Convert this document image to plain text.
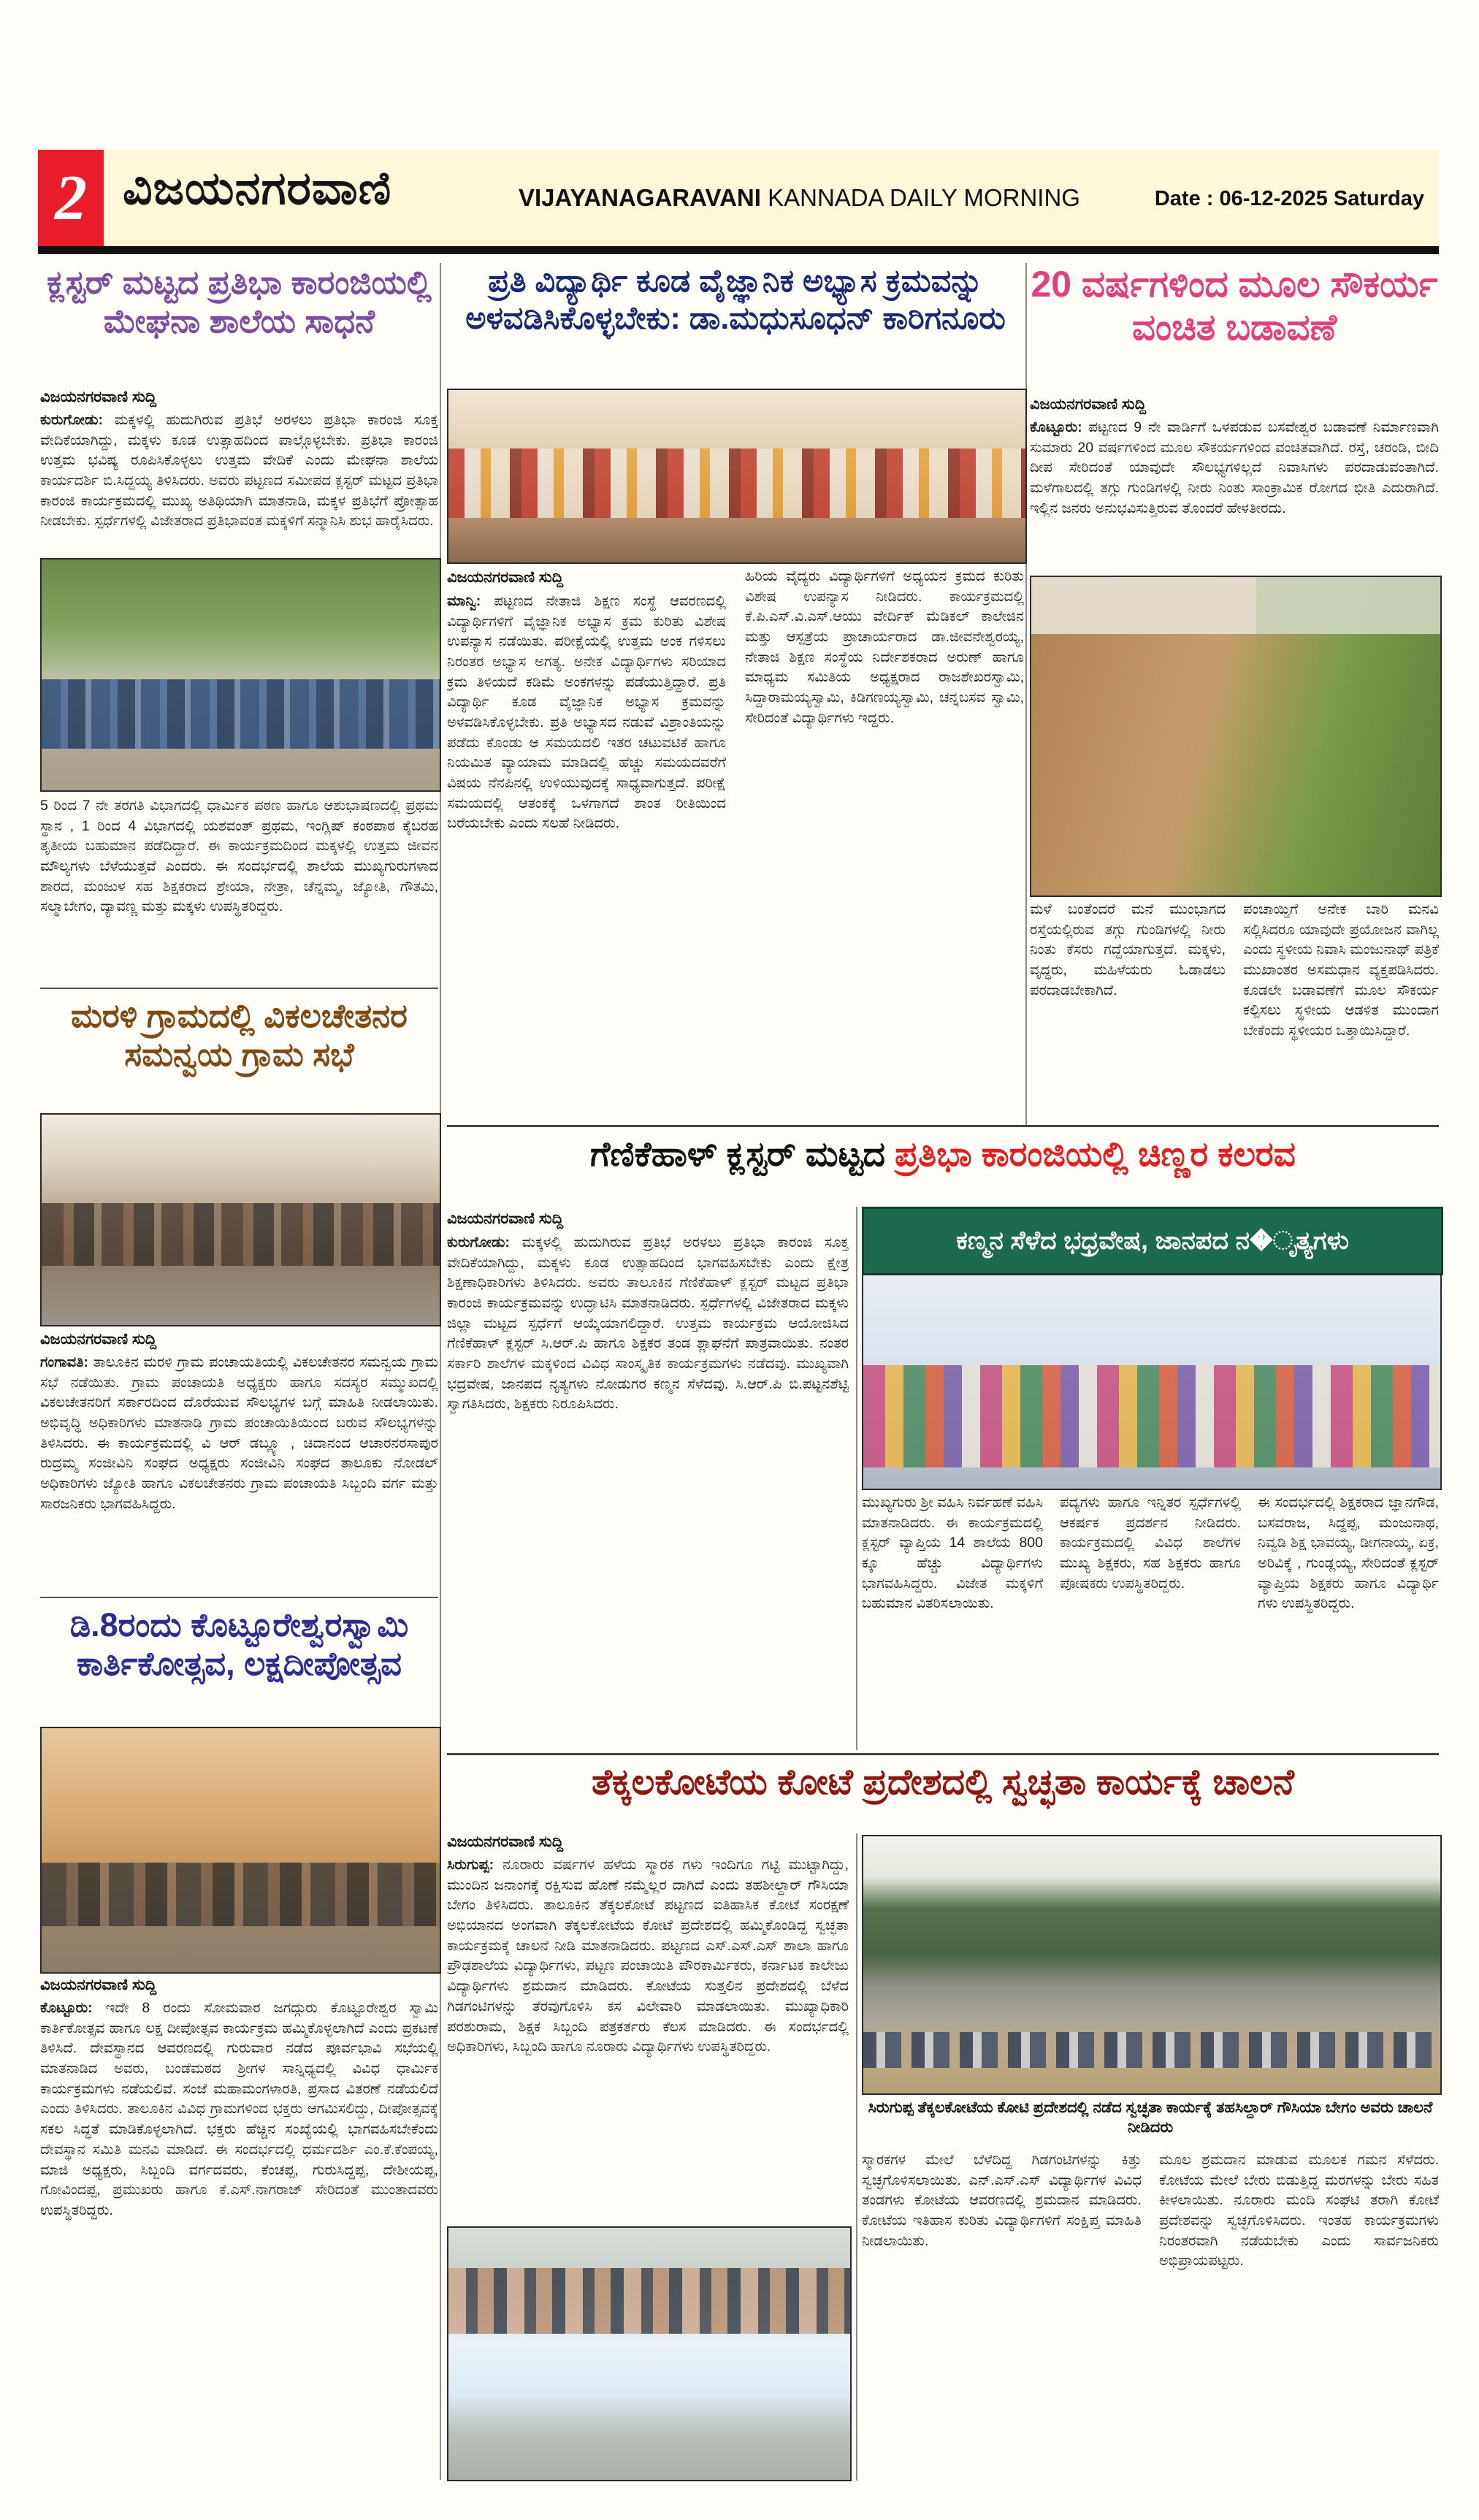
2 ವಿಜಯನಗರವಾಣಿ	VIJAYANAGARAVANI KANNADA DAILY MORNING	Date : 06-12-2025 Saturday
ಕ್ಲಸ್ಟರ್ ಮಟ್ಟದ ಪ್ರತಿಭಾ ಕಾರಂಜಿಯಲ್ಲಿ ಮೇಘನಾ ಶಾಲೆಯ ಸಾಧನೆ
ವಿಜಯನಗರವಾಣಿ ಸುದ್ದಿ
ಕುರುಗೋಡು: ಮಕ್ಕಳಲ್ಲಿ ಹುದುಗಿರುವ ಪ್ರತಿಭೆ ಅರಳಲು ಪ್ರತಿಭಾ ಕಾರಂಜಿ ಸೂಕ್ತ ವೇದಿಕೆಯಾಗಿದ್ದು, ಮಕ್ಕಳು ಕೂಡ ಉತ್ಸಾಹದಿಂದ ಪಾಲ್ಗೊಳ್ಳಬೇಕು. ಪ್ರತಿಭಾ ಕಾರಂಜಿ ಉತ್ತಮ ಭವಿಷ್ಯ ರೂಪಿಸಿಕೊಳ್ಳಲು ಉತ್ತಮ ವೇದಿಕೆ ಎಂದು ಮೇಘನಾ ಶಾಲೆಯ ಕಾರ್ಯದರ್ಶಿ ಬಿ.ಸಿದ್ದಯ್ಯ ತಿಳಿಸಿದರು. ಅವರು ಪಟ್ಟಣದ ಸಮೀಪದ ಕ್ಲಸ್ಟರ್ ಮಟ್ಟದ ಪ್ರತಿಭಾ ಕಾರಂಜಿ ಕಾರ್ಯಕ್ರಮದಲ್ಲಿ ಮುಖ್ಯ ಅತಿಥಿಯಾಗಿ ಮಾತನಾಡಿ, ಮಕ್ಕಳ ಪ್ರತಿಭೆಗೆ ಪ್ರೋತ್ಸಾಹ ನೀಡಬೇಕು. ಸ್ಪರ್ಧೆಗಳಲ್ಲಿ ವಿಜೇತರಾದ ಪ್ರತಿಭಾವಂತ ಮಕ್ಕಳಿಗೆ ಸನ್ಮಾನಿಸಿ ಶುಭ ಹಾರೈಸಿದರು.
5 ರಿಂದ 7 ನೇ ತರಗತಿ ವಿಭಾಗದಲ್ಲಿ ಧಾರ್ಮಿಕ ಪಠಣ ಹಾಗೂ ಆಶುಭಾಷಣದಲ್ಲಿ ಪ್ರಥಮ ಸ್ಥಾನ , 1 ರಿಂದ 4 ವಿಭಾಗದಲ್ಲಿ ಯಶವಂತ್ ಪ್ರಥಮ, ಇಂಗ್ಲಿಷ್ ಕಂಠಪಾಠ ಕೈಬರಹ ತೃತೀಯ ಬಹುಮಾನ ಪಡೆದಿದ್ದಾರೆ. ಈ ಕಾರ್ಯಕ್ರಮದಿಂದ ಮಕ್ಕಳಲ್ಲಿ ಉತ್ತಮ ಜೀವನ ಮೌಲ್ಯಗಳು ಬೆಳೆಯುತ್ತವೆ ಎಂದರು. ಈ ಸಂದರ್ಭದಲ್ಲಿ ಶಾಲೆಯ ಮುಖ್ಯಗುರುಗಳಾದ ಶಾರದ, ಮಂಜುಳ ಸಹ ಶಿಕ್ಷಕರಾದ ಶ್ರೇಯಾ, ನೇತ್ರಾ, ಚೆನ್ನಮ್ಮ, ಜ್ಯೋತಿ, ಗೌತಮಿ, ಸಲ್ಮಾಬೇಗಂ, ದ್ಯಾವಣ್ಣ ಮತ್ತು ಮಕ್ಕಳು ಉಪಸ್ಥಿತರಿದ್ದರು.
ಮರಳಿ ಗ್ರಾಮದಲ್ಲಿ ವಿಕಲಚೇತನರ ಸಮನ್ವಯ ಗ್ರಾಮ ಸಭೆ
ವಿಜಯನಗರವಾಣಿ ಸುದ್ದಿ
ಗಂಗಾವತಿ: ತಾಲೂಕಿನ ಮರಳಿ ಗ್ರಾಮ ಪಂಚಾಯತಿಯಲ್ಲಿ ವಿಕಲಚೇತನರ ಸಮನ್ವಯ ಗ್ರಾಮ ಸಭೆ ನಡೆಯಿತು. ಗ್ರಾಮ ಪಂಚಾಯತಿ ಅಧ್ಯಕ್ಷರು ಹಾಗೂ ಸದಸ್ಯರ ಸಮ್ಮುಖದಲ್ಲಿ ವಿಕಲಚೇತನರಿಗೆ ಸರ್ಕಾರದಿಂದ ದೊರೆಯುವ ಸೌಲಭ್ಯಗಳ ಬಗ್ಗೆ ಮಾಹಿತಿ ನೀಡಲಾಯಿತು. ಅಭಿವೃದ್ಧಿ ಅಧಿಕಾರಿಗಳು ಮಾತನಾಡಿ ಗ್ರಾಮ ಪಂಚಾಯಿತಿಯಿಂದ ಬರುವ ಸೌಲಭ್ಯಗಳನ್ನು ತಿಳಿಸಿದರು. ಈ ಕಾರ್ಯಕ್ರಮದಲ್ಲಿ ವಿ ಆರ್ ಡಬ್ಲ್ಯೂ , ಚಿದಾನಂದ ಆಚಾರನರಸಾಪುರ ರುದ್ರಮ್ಮ ಸಂಜೀವಿನಿ ಸಂಘದ ಅಧ್ಯಕ್ಷರು ಸಂಜೀವಿನಿ ಸಂಘದ ತಾಲೂಕು ನೋಡಲ್ ಅಧಿಕಾರಿಗಳು ಜ್ಯೋತಿ ಹಾಗೂ ವಿಕಲಚೇತನರು ಗ್ರಾಮ ಪಂಚಾಯತಿ ಸಿಬ್ಬಂದಿ ವರ್ಗ ಮತ್ತು ಸಾರಜನಿಕರು ಭಾಗವಹಿಸಿದ್ದರು.
ಡಿ.8ರಂದು ಕೊಟ್ಟೂರೇಶ್ವರಸ್ವಾಮಿ ಕಾರ್ತಿಕೋತ್ಸವ, ಲಕ್ಷದೀಪೋತ್ಸವ
ವಿಜಯನಗರವಾಣಿ ಸುದ್ದಿ
ಕೊಟ್ಟೂರು: ಇದೇ 8 ರಂದು ಸೋಮವಾರ ಜಗದ್ಗುರು ಕೊಟ್ಟೂರೇಶ್ವರ ಸ್ವಾಮಿ ಕಾರ್ತಿಕೋತ್ಸವ ಹಾಗೂ ಲಕ್ಷ ದೀಪೋತ್ಸವ ಕಾರ್ಯಕ್ರಮ ಹಮ್ಮಿಕೊಳ್ಳಲಾಗಿದೆ ಎಂದು ಪ್ರಕಟಣೆ ತಿಳಿಸಿದೆ. ದೇವಸ್ಥಾನದ ಆವರಣದಲ್ಲಿ ಗುರುವಾರ ನಡೆದ ಪೂರ್ವಭಾವಿ ಸಭೆಯಲ್ಲಿ ಮಾತನಾಡಿದ ಅವರು, ಬಂಡೆಮಠದ ಶ್ರೀಗಳ ಸಾನ್ನಿಧ್ಯದಲ್ಲಿ ವಿವಿಧ ಧಾರ್ಮಿಕ ಕಾರ್ಯಕ್ರಮಗಳು ನಡೆಯಲಿವೆ. ಸಂಜೆ ಮಹಾಮಂಗಳಾರತಿ, ಪ್ರಸಾದ ವಿತರಣೆ ನಡೆಯಲಿದೆ ಎಂದು ತಿಳಿಸಿದರು. ತಾಲೂಕಿನ ವಿವಿಧ ಗ್ರಾಮಗಳಿಂದ ಭಕ್ತರು ಆಗಮಿಸಲಿದ್ದು, ದೀಪೋತ್ಸವಕ್ಕೆ ಸಕಲ ಸಿದ್ಧತೆ ಮಾಡಿಕೊಳ್ಳಲಾಗಿದೆ. ಭಕ್ತರು ಹೆಚ್ಚಿನ ಸಂಖ್ಯೆಯಲ್ಲಿ ಭಾಗವಹಿಸಬೇಕೆಂದು ದೇವಸ್ಥಾನ ಸಮಿತಿ ಮನವಿ ಮಾಡಿದೆ. ಈ ಸಂದರ್ಭದಲ್ಲಿ ಧರ್ಮದರ್ಶಿ ಎಂ.ಕೆ.ಕೆಂಪಯ್ಯ, ಮಾಜಿ ಅಧ್ಯಕ್ಷರು, ಸಿಬ್ಬಂದಿ ವರ್ಗದವರು, ಕೆಂಚಪ್ಪ, ಗುರುಸಿದ್ದಪ್ಪ, ದೇಶೀಯಪ್ಪ, ಗೋವಿಂದಪ್ಪ, ಪ್ರಮುಖರು ಹಾಗೂ ಕೆ.ಎಸ್.ನಾಗರಾಜ್ ಸೇರಿದಂತೆ ಮುಂತಾದವರು ಉಪಸ್ಥಿತರಿದ್ದರು.
ಪ್ರತಿ ವಿದ್ಯಾರ್ಥಿ ಕೂಡ ವೈಜ್ಞಾನಿಕ ಅಭ್ಯಾಸ ಕ್ರಮವನ್ನು ಅಳವಡಿಸಿಕೊಳ್ಳಬೇಕು: ಡಾ.ಮಧುಸೂಧನ್ ಕಾರಿಗನೂರು
ವಿಜಯನಗರವಾಣಿ ಸುದ್ದಿ
ಮಾನ್ವಿ: ಪಟ್ಟಣದ ನೇತಾಜಿ ಶಿಕ್ಷಣ ಸಂಸ್ಥೆ ಆವರಣದಲ್ಲಿ ವಿದ್ಯಾರ್ಥಿಗಳಿಗೆ ವೈಜ್ಞಾನಿಕ ಅಭ್ಯಾಸ ಕ್ರಮ ಕುರಿತು ವಿಶೇಷ ಉಪನ್ಯಾಸ ನಡೆಯಿತು. ಪರೀಕ್ಷೆಯಲ್ಲಿ ಉತ್ತಮ ಅಂಕ ಗಳಿಸಲು ನಿರಂತರ ಅಭ್ಯಾಸ ಅಗತ್ಯ. ಅನೇಕ ವಿದ್ಯಾರ್ಥಿಗಳು ಸರಿಯಾದ ಕ್ರಮ ತಿಳಿಯದೆ ಕಡಿಮೆ ಅಂಕಗಳನ್ನು ಪಡೆಯುತ್ತಿದ್ದಾರೆ. ಪ್ರತಿ ವಿದ್ಯಾರ್ಥಿ ಕೂಡ ವೈಜ್ಞಾನಿಕ ಅಭ್ಯಾಸ ಕ್ರಮವನ್ನು ಅಳವಡಿಸಿಕೊಳ್ಳಬೇಕು. ಪ್ರತಿ ಅಭ್ಯಾಸದ ನಡುವೆ ವಿಶ್ರಾಂತಿಯನ್ನು ಪಡೆದು ಕೊಂಡು ಆ ಸಮಯದಲಿ ಇತರ ಚಟುವಟಿಕೆ ಹಾಗೂ ನಿಯಮಿತ ವ್ಯಾಯಾಮ ಮಾಡಿದಲ್ಲಿ ಹೆಚ್ಚು ಸಮಯದವರೆಗೆ ವಿಷಯ ನೆನಪಿನಲ್ಲಿ ಉಳಿಯುವುದಕ್ಕೆ ಸಾಧ್ಯವಾಗುತ್ತದೆ. ಪರೀಕ್ಷೆ ಸಮಯದಲ್ಲಿ ಆತಂಕಕ್ಕೆ ಒಳಗಾಗದೆ ಶಾಂತ ರೀತಿಯಿಂದ ಬರೆಯಬೇಕು ಎಂದು ಸಲಹೆ ನೀಡಿದರು.
ಹಿರಿಯ ವೈದ್ಯರು ವಿದ್ಯಾರ್ಥಿಗಳಿಗೆ ಅಧ್ಯಯನ ಕ್ರಮದ ಕುರಿತು ವಿಶೇಷ ಉಪನ್ಯಾಸ ನೀಡಿದರು. ಕಾರ್ಯಕ್ರಮದಲ್ಲಿ ಕೆ.ಪಿ.ಎಸ್.ವಿ.ಎಸ್.ಆಯು ವೇರ್ದಿಕ್ ಮೆಡಿಕಲ್ ಕಾಲೇಜಿನ ಮತ್ತು ಆಸ್ಪತ್ರೆಯ ಪ್ರಾಚಾರ್ಯರಾದ ಡಾ.ಜೀವನೇಶ್ವರಯ್ಯ, ನೇತಾಜಿ ಶಿಕ್ಷಣ ಸಂಸ್ಥೆಯ ನಿರ್ದೇಶಕರಾದ ಅರುಣ್ ಹಾಗೂ ಮಾಧ್ಯಮ ಸಮಿತಿಯ ಅಧ್ಯಕ್ಷರಾದ ರಾಜಶೇಖರಸ್ವಾಮಿ, ಸಿದ್ದಾರಾಮಯ್ಯಸ್ವಾಮಿ, ಕಿಡಿಗಣಯ್ಯಸ್ವಾಮಿ, ಚನ್ನಬಸವ ಸ್ವಾಮಿ, ಸೇರಿದಂತೆ ವಿದ್ಯಾರ್ಥಿಗಳು ಇದ್ದರು.
20 ವರ್ಷಗಳಿಂದ ಮೂಲ ಸೌಕರ್ಯ ವಂಚಿತ ಬಡಾವಣೆ
ವಿಜಯನಗರವಾಣಿ ಸುದ್ದಿ
ಕೊಟ್ಟೂರು: ಪಟ್ಟಣದ 9 ನೇ ವಾರ್ಡಿಗೆ ಒಳಪಡುವ ಬಸವೇಶ್ವರ ಬಡಾವಣೆ ನಿರ್ಮಾಣವಾಗಿ ಸುಮಾರು 20 ವರ್ಷಗಳಿಂದ ಮೂಲ ಸೌಕರ್ಯಗಳಿಂದ ವಂಚಿತವಾಗಿದೆ. ರಸ್ತೆ, ಚರಂಡಿ, ಬೀದಿ ದೀಪ ಸೇರಿದಂತೆ ಯಾವುದೇ ಸೌಲಭ್ಯಗಳಿಲ್ಲದೆ ನಿವಾಸಿಗಳು ಪರದಾಡುವಂತಾಗಿದೆ. ಮಳೆಗಾಲದಲ್ಲಿ ತಗ್ಗು ಗುಂಡಿಗಳಲ್ಲಿ ನೀರು ನಿಂತು ಸಾಂಕ್ರಾಮಿಕ ರೋಗದ ಭೀತಿ ಎದುರಾಗಿದೆ. ಇಲ್ಲಿನ ಜನರು ಅನುಭವಿಸುತ್ತಿರುವ ತೊಂದರೆ ಹೇಳತೀರದು.
ಮಳೆ ಬಂತೆಂದರೆ ಮನೆ ಮುಂಭಾಗದ ರಸ್ತೆಯಲ್ಲಿರುವ ತಗ್ಗು ಗುಂಡಿಗಳಲ್ಲಿ ನೀರು ನಿಂತು ಕೆಸರು ಗದ್ದೆಯಾಗುತ್ತದೆ. ಮಕ್ಕಳು, ವೃದ್ಧರು, ಮಹಿಳೆಯರು ಓಡಾಡಲು ಪರದಾಡಬೇಕಾಗಿದೆ.
ಪಂಚಾಯ್ತಿಗೆ ಅನೇಕ ಬಾರಿ ಮನವಿ ಸಲ್ಲಿಸಿದರೂ ಯಾವುದೇ ಪ್ರಯೋಜನ ವಾಗಿಲ್ಲ ಎಂದು ಸ್ಥಳೀಯ ನಿವಾಸಿ ಮಂಜುನಾಥ್ ಪತ್ರಿಕೆ ಮುಖಾಂತರ ಅಸಮಧಾನ ವ್ಯಕ್ತಪಡಿಸಿದರು. ಕೂಡಲೇ ಬಡಾವಣೆಗೆ ಮೂಲ ಸೌಕರ್ಯ ಕಲ್ಪಿಸಲು ಸ್ಥಳೀಯ ಆಡಳಿತ ಮುಂದಾಗ ಬೇಕೆಂದು ಸ್ಥಳೀಯರ ಒತ್ತಾಯಿಸಿದ್ದಾರೆ.
ಗೆಣಿಕೆಹಾಳ್ ಕ್ಲಸ್ಟರ್ ಮಟ್ಟದ ಪ್ರತಿಭಾ ಕಾರಂಜಿಯಲ್ಲಿ ಚಿಣ್ಣರ ಕಲರವ
ವಿಜಯನಗರವಾಣಿ ಸುದ್ದಿ
ಕುರುಗೋಡು: ಮಕ್ಕಳಲ್ಲಿ ಹುದುಗಿರುವ ಪ್ರತಿಭೆ ಅರಳಲು ಪ್ರತಿಭಾ ಕಾರಂಜಿ ಸೂಕ್ತ ವೇದಿಕೆಯಾಗಿದ್ದು, ಮಕ್ಕಳು ಕೂಡ ಉತ್ಸಾಹದಿಂದ ಭಾಗವಹಿಸಬೇಕು ಎಂದು ಕ್ಷೇತ್ರ ಶಿಕ್ಷಣಾಧಿಕಾರಿಗಳು ತಿಳಿಸಿದರು. ಅವರು ತಾಲೂಕಿನ ಗೆಣಿಕೆಹಾಳ್ ಕ್ಲಸ್ಟರ್ ಮಟ್ಟದ ಪ್ರತಿಭಾ ಕಾರಂಜಿ ಕಾರ್ಯಕ್ರಮವನ್ನು ಉದ್ಘಾಟಿಸಿ ಮಾತನಾಡಿದರು. ಸ್ಪರ್ಧೆಗಳಲ್ಲಿ ವಿಜೇತರಾದ ಮಕ್ಕಳು ಜಿಲ್ಲಾ ಮಟ್ಟದ ಸ್ಪರ್ಧೆಗೆ ಆಯ್ಕೆಯಾಗಲಿದ್ದಾರೆ. ಉತ್ತಮ ಕಾರ್ಯಕ್ರಮ ಆಯೋಜಿಸಿದ ಗೆಣಿಕೆಹಾಳ್ ಕ್ಲಸ್ಟರ್ ಸಿ.ಆರ್.ಪಿ ಹಾಗೂ ಶಿಕ್ಷಕರ ತಂಡ ಶ್ಲಾಘನೆಗೆ ಪಾತ್ರವಾಯಿತು. ನಂತರ ಸರ್ಕಾರಿ ಶಾಲೆಗಳ ಮಕ್ಕಳಿಂದ ವಿವಿಧ ಸಾಂಸ್ಕೃತಿಕ ಕಾರ್ಯಕ್ರಮಗಳು ನಡೆದವು. ಮುಖ್ಯವಾಗಿ ಭದ್ರವೇಷ, ಜಾನಪದ ನೃತ್ಯಗಳು ನೋಡುಗರ ಕಣ್ಮನ ಸೆಳೆದವು. ಸಿ.ಆರ್.ಪಿ ಬಿ.ಪಟ್ಟನಶೆಟ್ಟಿ ಸ್ವಾಗತಿಸಿದರು, ಶಿಕ್ಷಕರು ನಿರೂಪಿಸಿದರು.
ಕಣ್ಮನ ಸೆಳೆದ ಭಧ್ರವೇಷ, ಜಾನಪದ ನ�ೃತ್ಯಗಳು
ಮುಖ್ಯಗುರು ಶ್ರೀ ವಹಿಸಿ ನಿರ್ವಹಣೆ ವಹಿಸಿ ಮಾತನಾಡಿದರು. ಈ ಕಾರ್ಯಕ್ರಮದಲ್ಲಿ ಕ್ಲಸ್ಟರ್ ವ್ಯಾಪ್ತಿಯ 14 ಶಾಲೆಯ 800 ಕ್ಕೂ ಹೆಚ್ಚು ವಿದ್ಯಾರ್ಥಿಗಳು ಭಾಗವಹಿಸಿದ್ದರು. ವಿಜೇತ ಮಕ್ಕಳಿಗೆ ಬಹುಮಾನ ವಿತರಿಸಲಾಯಿತು.
ಪದ್ಯಗಳು ಹಾಗೂ ಇನ್ನಿತರ ಸ್ಪರ್ಧೆಗಳಲ್ಲಿ ಆಕರ್ಷಕ ಪ್ರದರ್ಶನ ನೀಡಿದರು. ಕಾರ್ಯಕ್ರಮದಲ್ಲಿ ವಿವಿಧ ಶಾಲೆಗಳ ಮುಖ್ಯ ಶಿಕ್ಷಕರು, ಸಹ ಶಿಕ್ಷಕರು ಹಾಗೂ ಪೋಷಕರು ಉಪಸ್ಥಿತರಿದ್ದರು.
ಈ ಸಂದರ್ಭದಲ್ಲಿ ಶಿಕ್ಷಕರಾದ ಜ್ಞಾನಗೌಡ, ಬಸವರಾಜ, ಸಿದ್ದಪ್ಪ, ಮಂಜುನಾಥ, ನಿವ್ವಡಿ ಶಿಕ್ಷ ಭಾವಯ್ಯ, ಡೀಗನಾಯ್ಕ, ಏಕ್ರ, ಅರಿವಿಕ್ಕೆ , ಗುಂಡ್ಲಯ್ಯ, ಸೇರಿದಂತೆ ಕ್ಲಸ್ಟರ್ ವ್ಯಾಪ್ತಿಯ ಶಿಕ್ಷಕರು ಹಾಗೂ ವಿದ್ಯಾರ್ಥಿ ಗಳು ಉಪಸ್ಥಿತರಿದ್ದರು.
ತೆಕ್ಕಲಕೋಟೆಯ ಕೋಟೆ ಪ್ರದೇಶದಲ್ಲಿ ಸ್ವಚ್ಛತಾ ಕಾರ್ಯಕ್ಕೆ ಚಾಲನೆ
ವಿಜಯನಗರವಾಣಿ ಸುದ್ದಿ
ಸಿರುಗುಪ್ಪ: ನೂರಾರು ವರ್ಷಗಳ ಹಳೆಯ ಸ್ಮಾರಕ ಗಳು ಇಂದಿಗೂ ಗಟ್ಟಿ ಮುಟ್ಟಾಗಿದ್ದು, ಮುಂದಿನ ಜನಾಂಗಕ್ಕೆ ರಕ್ಷಿಸುವ ಹೊಣೆ ನಮ್ಮೆಲ್ಲರ ದಾಗಿದೆ ಎಂದು ತಹಶೀಲ್ದಾರ್ ಗೌಸಿಯಾ ಬೇಗಂ ತಿಳಿಸಿದರು. ತಾಲೂಕಿನ ತೆಕ್ಕಲಕೋಟೆ ಪಟ್ಟಣದ ಐತಿಹಾಸಿಕ ಕೋಟೆ ಸಂರಕ್ಷಣೆ ಅಭಿಯಾನದ ಅಂಗವಾಗಿ ತೆಕ್ಕಲಕೋಟೆಯ ಕೋಟೆ ಪ್ರದೇಶದಲ್ಲಿ ಹಮ್ಮಿಕೊಂಡಿದ್ದ ಸ್ವಚ್ಛತಾ ಕಾರ್ಯಕ್ರಮಕ್ಕೆ ಚಾಲನೆ ನೀಡಿ ಮಾತನಾಡಿದರು. ಪಟ್ಟಣದ ಎಸ್.ಎಸ್.ಎಸ್ ಶಾಲಾ ಹಾಗೂ ಪ್ರೌಢಶಾಲೆಯ ವಿದ್ಯಾರ್ಥಿಗಳು, ಪಟ್ಟಣ ಪಂಚಾಯಿತಿ ಪೌರಕಾರ್ಮಿಕರು, ಕರ್ನಾಟಕ ಕಾಲೇಜು ವಿದ್ಯಾರ್ಥಿಗಳು ಶ್ರಮದಾನ ಮಾಡಿದರು. ಕೋಟೆಯ ಸುತ್ತಲಿನ ಪ್ರದೇಶದಲ್ಲಿ ಬೆಳೆದ ಗಿಡಗಂಟಿಗಳನ್ನು ತೆರವುಗೊಳಿಸಿ ಕಸ ವಿಲೇವಾರಿ ಮಾಡಲಾಯಿತು. ಮುಖ್ಯಾಧಿಕಾರಿ ಪರಶುರಾಮ, ಶಿಕ್ಷಕ ಸಿಬ್ಬಂದಿ ಪತ್ರಕರ್ತರು ಕೆಲಸ ಮಾಡಿದರು. ಈ ಸಂದರ್ಭದಲ್ಲಿ ಅಧಿಕಾರಿಗಳು, ಸಿಬ್ಬಂದಿ ಹಾಗೂ ನೂರಾರು ವಿದ್ಯಾರ್ಥಿಗಳು ಉಪಸ್ಥಿತರಿದ್ದರು.
ಸಿರುಗುಪ್ಪ ತೆಕ್ಕಲಕೋಟೆಯ ಕೋಟಿ ಪ್ರದೇಶದಲ್ಲಿ ನಡೆದ ಸ್ವಚ್ಛತಾ ಕಾರ್ಯಕ್ಕೆ ತಹಸಿಲ್ದಾರ್ ಗೌಸಿಯಾ ಬೇಗಂ ಅವರು ಚಾಲನೆ ನೀಡಿದರು
ಸ್ಮಾರಕಗಳ ಮೇಲೆ ಬೆಳೆದಿದ್ದ ಗಿಡಗಂಟಿಗಳನ್ನು ಕಿತ್ತು ಸ್ವಚ್ಛಗೊಳಿಸಲಾಯಿತು. ಎನ್.ಎಸ್.ಎಸ್ ವಿದ್ಯಾರ್ಥಿಗಳ ವಿವಿಧ ತಂಡಗಳು ಕೋಟೆಯ ಆವರಣದಲ್ಲಿ ಶ್ರಮದಾನ ಮಾಡಿದರು. ಕೋಟೆಯ ಇತಿಹಾಸ ಕುರಿತು ವಿದ್ಯಾರ್ಥಿಗಳಿಗೆ ಸಂಕ್ಷಿಪ್ತ ಮಾಹಿತಿ ನೀಡಲಾಯಿತು.
ಮೂಲ ಶ್ರಮದಾನ ಮಾಡುವ ಮೂಲಕ ಗಮನ ಸೆಳೆದರು. ಕೋಟೆಯ ಮೇಲೆ ಬೇರು ಬಿಡುತ್ತಿದ್ದ ಮರಗಳನ್ನು ಬೇರು ಸಹಿತ ಕೀಳಲಾಯಿತು. ನೂರಾರು ಮಂದಿ ಸಂಘಟಿ ತರಾಗಿ ಕೋಟೆ ಪ್ರದೇಶವನ್ನು ಸ್ವಚ್ಛಗೊಳಿಸಿದರು. ಇಂತಹ ಕಾರ್ಯಕ್ರಮಗಳು ನಿರಂತರವಾಗಿ ನಡೆಯಬೇಕು ಎಂದು ಸಾರ್ವಜನಿಕರು ಅಭಿಪ್ರಾಯಪಟ್ಟರು.
